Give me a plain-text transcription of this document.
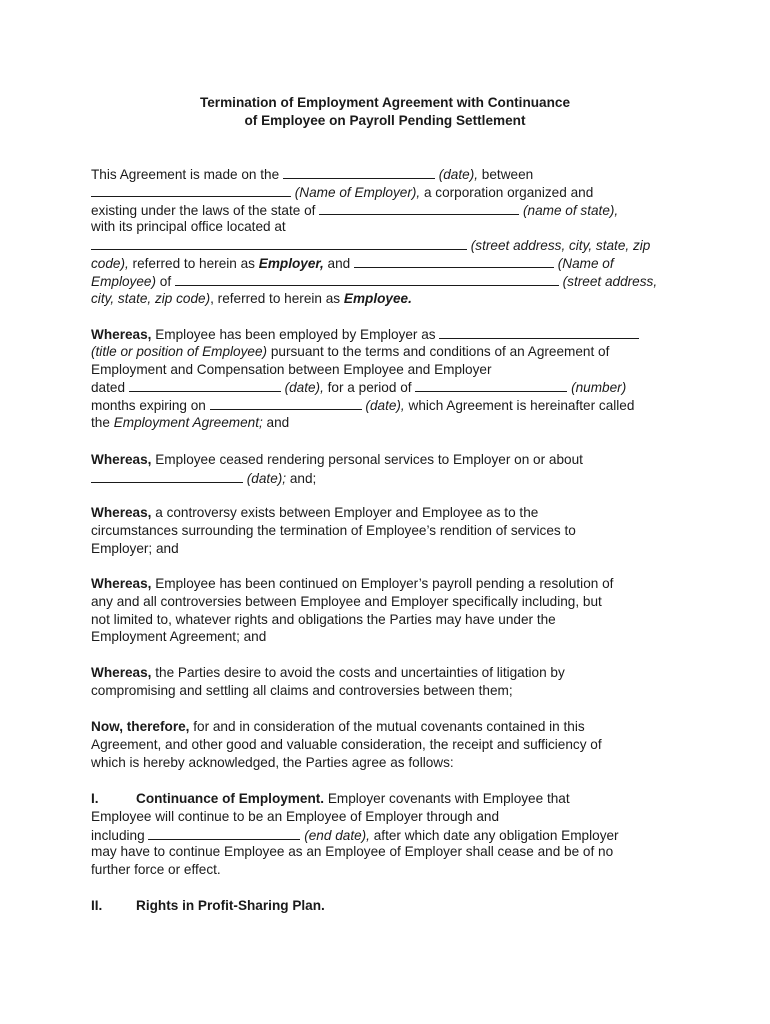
Termination of Employment Agreement with Continuance
of Employee on Payroll Pending Settlement
This Agreement is made on the	(date), between
(Name of Employer), a corporation organized and
existing under the laws of the state of	(name of state),
with its principal office located at
(street address, city, state, zip
code), referred to herein as Employer, and	(Name of
Employee) of	(street address,
city, state, zip code), referred to herein as Employee.
Whereas, Employee has been employed by Employer as
(title or position of Employee) pursuant to the terms and conditions of an Agreement of
Employment and Compensation between Employee and Employer
dated	(date), for a period of	(number)
months expiring on	(date), which Agreement is hereinafter called
the Employment Agreement; and
Whereas, Employee ceased rendering personal services to Employer on or about
(date); and;
Whereas, a controversy exists between Employer and Employee as to the
circumstances surrounding the termination of Employee’s rendition of services to
Employer; and
Whereas, Employee has been continued on Employer’s payroll pending a resolution of
any and all controversies between Employee and Employer specifically including, but
not limited to, whatever rights and obligations the Parties may have under the
Employment Agreement; and
Whereas, the Parties desire to avoid the costs and uncertainties of litigation by
compromising and settling all claims and controversies between them;
Now, therefore, for and in consideration of the mutual covenants contained in this
Agreement, and other good and valuable consideration, the receipt and sufficiency of
which is hereby acknowledged, the Parties agree as follows:
I.	Continuance of Employment. Employer covenants with Employee that
Employee will continue to be an Employee of Employer through and
including	(end date), after which date any obligation Employer
may have to continue Employee as an Employee of Employer shall cease and be of no
further force or effect.
II. Rights in Profit-Sharing Plan.
